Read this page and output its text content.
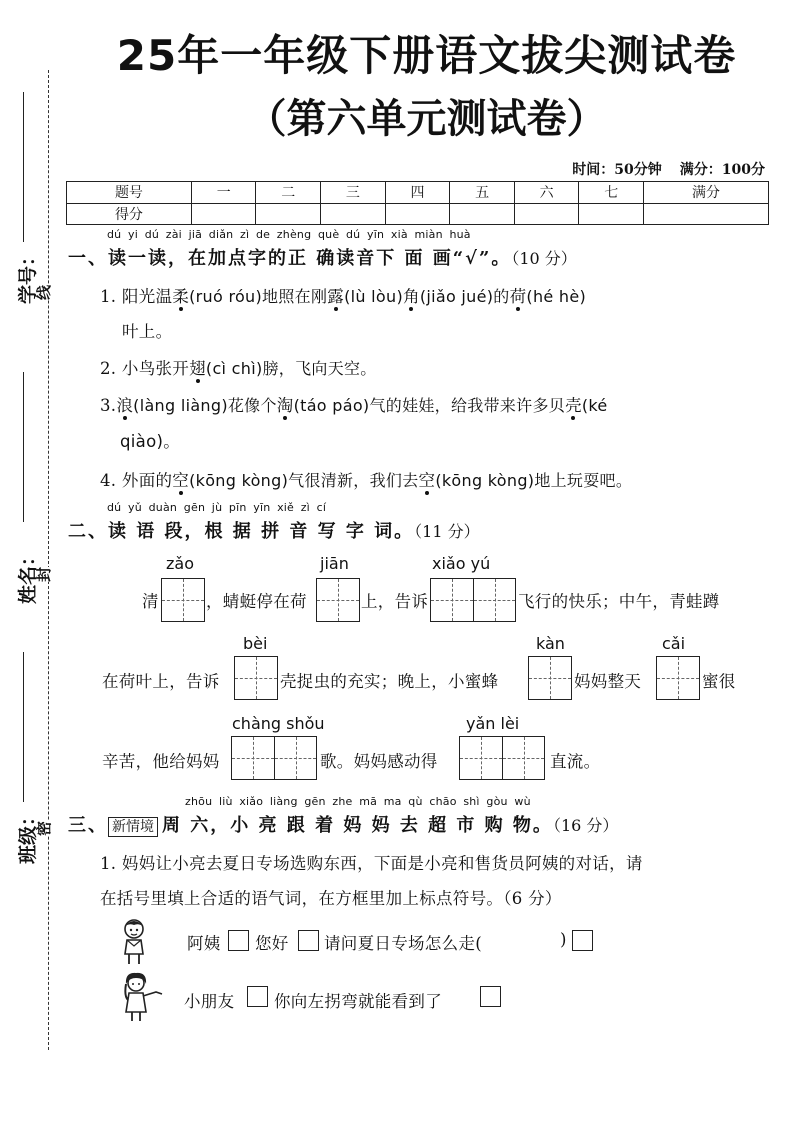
线
封
密
学号：
姓名：
班级：
25年一年级下册语文拔尖测试卷
（第六单元测试卷）
时间：50分钟 满分：100分
题号	一	二	三	四	五	六	七	满分
得分								
dú yi dú zài jiā diǎn zì de zhèng què dú yīn xià miàn huà
一、读一读，在加点字的正 确读音下 面 画“√”。（10 分）
1. 阳光温柔(ruó róu)地照在刚露(lù lòu)角(jiǎo jué)的荷(hé hè)
叶上。
2. 小鸟张开翅(cì chì)膀，飞向天空。
3.浪(làng liàng)花像个淘(táo páo)气的娃娃，给我带来许多贝壳(ké
qiào)。
4. 外面的空(kōng kòng)气很清新，我们去空(kōng kòng)地上玩耍吧。
dú yǔ duàn gēn jù pīn yīn xiě zì cí
二、读 语 段，根 据 拼 音 写 字 词。（11 分）
zǎo	jiān	xiǎo yú
清	，蜻蜓停在荷	上，告诉	飞行的快乐；中午，青蛙蹲
bèi	kàn	cǎi
在荷叶上，告诉	壳捉虫的充实；晚上，小蜜蜂	妈妈整天	蜜很
chàng shǒu	yǎn lèi
辛苦，他给妈妈	歌。妈妈感动得	直流。
zhōu liù xiǎo liàng gēn zhe mā ma qù chāo shì gòu wù
三、 新情境 周 六，小 亮 跟 着 妈 妈 去 超 市 购 物。（16 分）
1. 妈妈让小亮去夏日专场选购东西，下面是小亮和售货员阿姨的对话，请
在括号里填上合适的语气词，在方框里加上标点符号。（6 分）
阿姨 您好 请问夏日专场怎么走(	)
小朋友 你向左拐弯就能看到了
